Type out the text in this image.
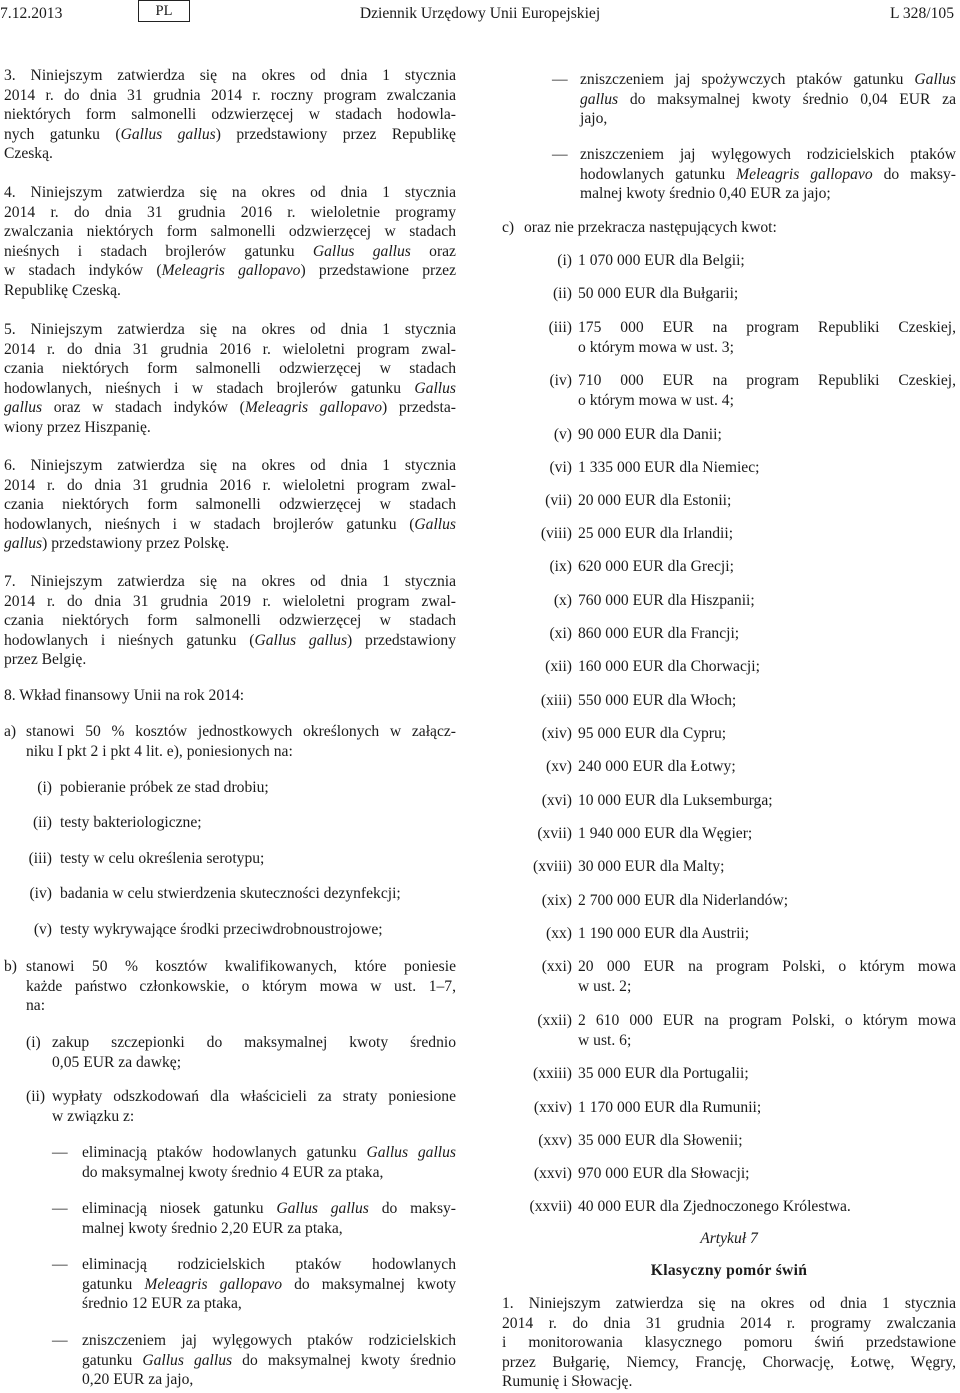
7.12.2013	PL	Dziennik Urzędowy Unii Europejskiej	L 328/105
3. Niniejszym zatwierdza się na okres od dnia 1 stycznia
2014 r. do dnia 31 grudnia 2014 r. roczny program zwalczania
niektórych form salmonelli odzwierzęcej w stadach hodowla-
nych gatunku (Gallus gallus) przedstawiony przez Republikę
Czeską.
4. Niniejszym zatwierdza się na okres od dnia 1 stycznia
2014 r. do dnia 31 grudnia 2016 r. wieloletnie programy
zwalczania niektórych form salmonelli odzwierzęcej w stadach
nieśnych i stadach brojlerów gatunku Gallus gallus oraz
w stadach indyków (Meleagris gallopavo) przedstawione przez
Republikę Czeską.
5. Niniejszym zatwierdza się na okres od dnia 1 stycznia
2014 r. do dnia 31 grudnia 2016 r. wieloletni program zwal-
czania niektórych form salmonelli odzwierzęcej w stadach
hodowlanych, nieśnych i w stadach brojlerów gatunku Gallus
gallus oraz w stadach indyków (Meleagris gallopavo) przedsta-
wiony przez Hiszpanię.
6. Niniejszym zatwierdza się na okres od dnia 1 stycznia
2014 r. do dnia 31 grudnia 2016 r. wieloletni program zwal-
czania niektórych form salmonelli odzwierzęcej w stadach
hodowlanych, nieśnych i w stadach brojlerów gatunku (Gallus
gallus) przedstawiony przez Polskę.
7. Niniejszym zatwierdza się na okres od dnia 1 stycznia
2014 r. do dnia 31 grudnia 2019 r. wieloletni program zwal-
czania niektórych form salmonelli odzwierzęcej w stadach
hodowlanych i nieśnych gatunku (Gallus gallus) przedstawiony
przez Belgię.
8. Wkład finansowy Unii na rok 2014:
a) stanowi 50 % kosztów jednostkowych określonych w załącz-
niku I pkt 2 i pkt 4 lit. e), poniesionych na:
(i) pobieranie próbek ze stad drobiu;
(ii) testy bakteriologiczne;
(iii) testy w celu określenia serotypu;
(iv) badania w celu stwierdzenia skuteczności dezynfekcji;
(v) testy wykrywające środki przeciwdrobnoustrojowe;
b) stanowi 50 % kosztów kwalifikowanych, które poniesie
każde państwo członkowskie, o którym mowa w ust. 1–7,
na:
(i) zakup szczepionki do maksymalnej kwoty średnio
0,05 EUR za dawkę;
(ii) wypłaty odszkodowań dla właścicieli za straty poniesione
w związku z:
— eliminacją ptaków hodowlanych gatunku Gallus gallus
do maksymalnej kwoty średnio 4 EUR za ptaka,
— eliminacją niosek gatunku Gallus gallus do maksy-
malnej kwoty średnio 2,20 EUR za ptaka,
— eliminacją rodzicielskich ptaków hodowlanych
gatunku Meleagris gallopavo do maksymalnej kwoty
średnio 12 EUR za ptaka,
— zniszczeniem jaj wylęgowych ptaków rodzicielskich
gatunku Gallus gallus do maksymalnej kwoty średnio
0,20 EUR za jajo,
— zniszczeniem jaj spożywczych ptaków gatunku Gallus
gallus do maksymalnej kwoty średnio 0,04 EUR za
jajo,
— zniszczeniem jaj wylęgowych rodzicielskich ptaków
hodowlanych gatunku Meleagris gallopavo do maksy-
malnej kwoty średnio 0,40 EUR za jajo;
c) oraz nie przekracza następujących kwot:
(i) 1 070 000 EUR dla Belgii;
(ii) 50 000 EUR dla Bułgarii;
(iii) 175 000 EUR na program Republiki Czeskiej,
o którym mowa w ust. 3;
(iv) 710 000 EUR na program Republiki Czeskiej,
o którym mowa w ust. 4;
(v) 90 000 EUR dla Danii;
(vi) 1 335 000 EUR dla Niemiec;
(vii) 20 000 EUR dla Estonii;
(viii) 25 000 EUR dla Irlandii;
(ix) 620 000 EUR dla Grecji;
(x) 760 000 EUR dla Hiszpanii;
(xi) 860 000 EUR dla Francji;
(xii) 160 000 EUR dla Chorwacji;
(xiii) 550 000 EUR dla Włoch;
(xiv) 95 000 EUR dla Cypru;
(xv) 240 000 EUR dla Łotwy;
(xvi) 10 000 EUR dla Luksemburga;
(xvii) 1 940 000 EUR dla Węgier;
(xviii) 30 000 EUR dla Malty;
(xix) 2 700 000 EUR dla Niderlandów;
(xx) 1 190 000 EUR dla Austrii;
(xxi) 20 000 EUR na program Polski, o którym mowa
w ust. 2;
(xxii) 2 610 000 EUR na program Polski, o którym mowa
w ust. 6;
(xxiii) 35 000 EUR dla Portugalii;
(xxiv) 1 170 000 EUR dla Rumunii;
(xxv) 35 000 EUR dla Słowenii;
(xxvi) 970 000 EUR dla Słowacji;
(xxvii) 40 000 EUR dla Zjednoczonego Królestwa.
Artykuł 7
Klasyczny pomór świń
1. Niniejszym zatwierdza się na okres od dnia 1 stycznia
2014 r. do dnia 31 grudnia 2014 r. programy zwalczania
i monitorowania klasycznego pomoru świń przedstawione
przez Bułgarię, Niemcy, Francję, Chorwację, Łotwę, Węgry,
Rumunię i Słowację.
